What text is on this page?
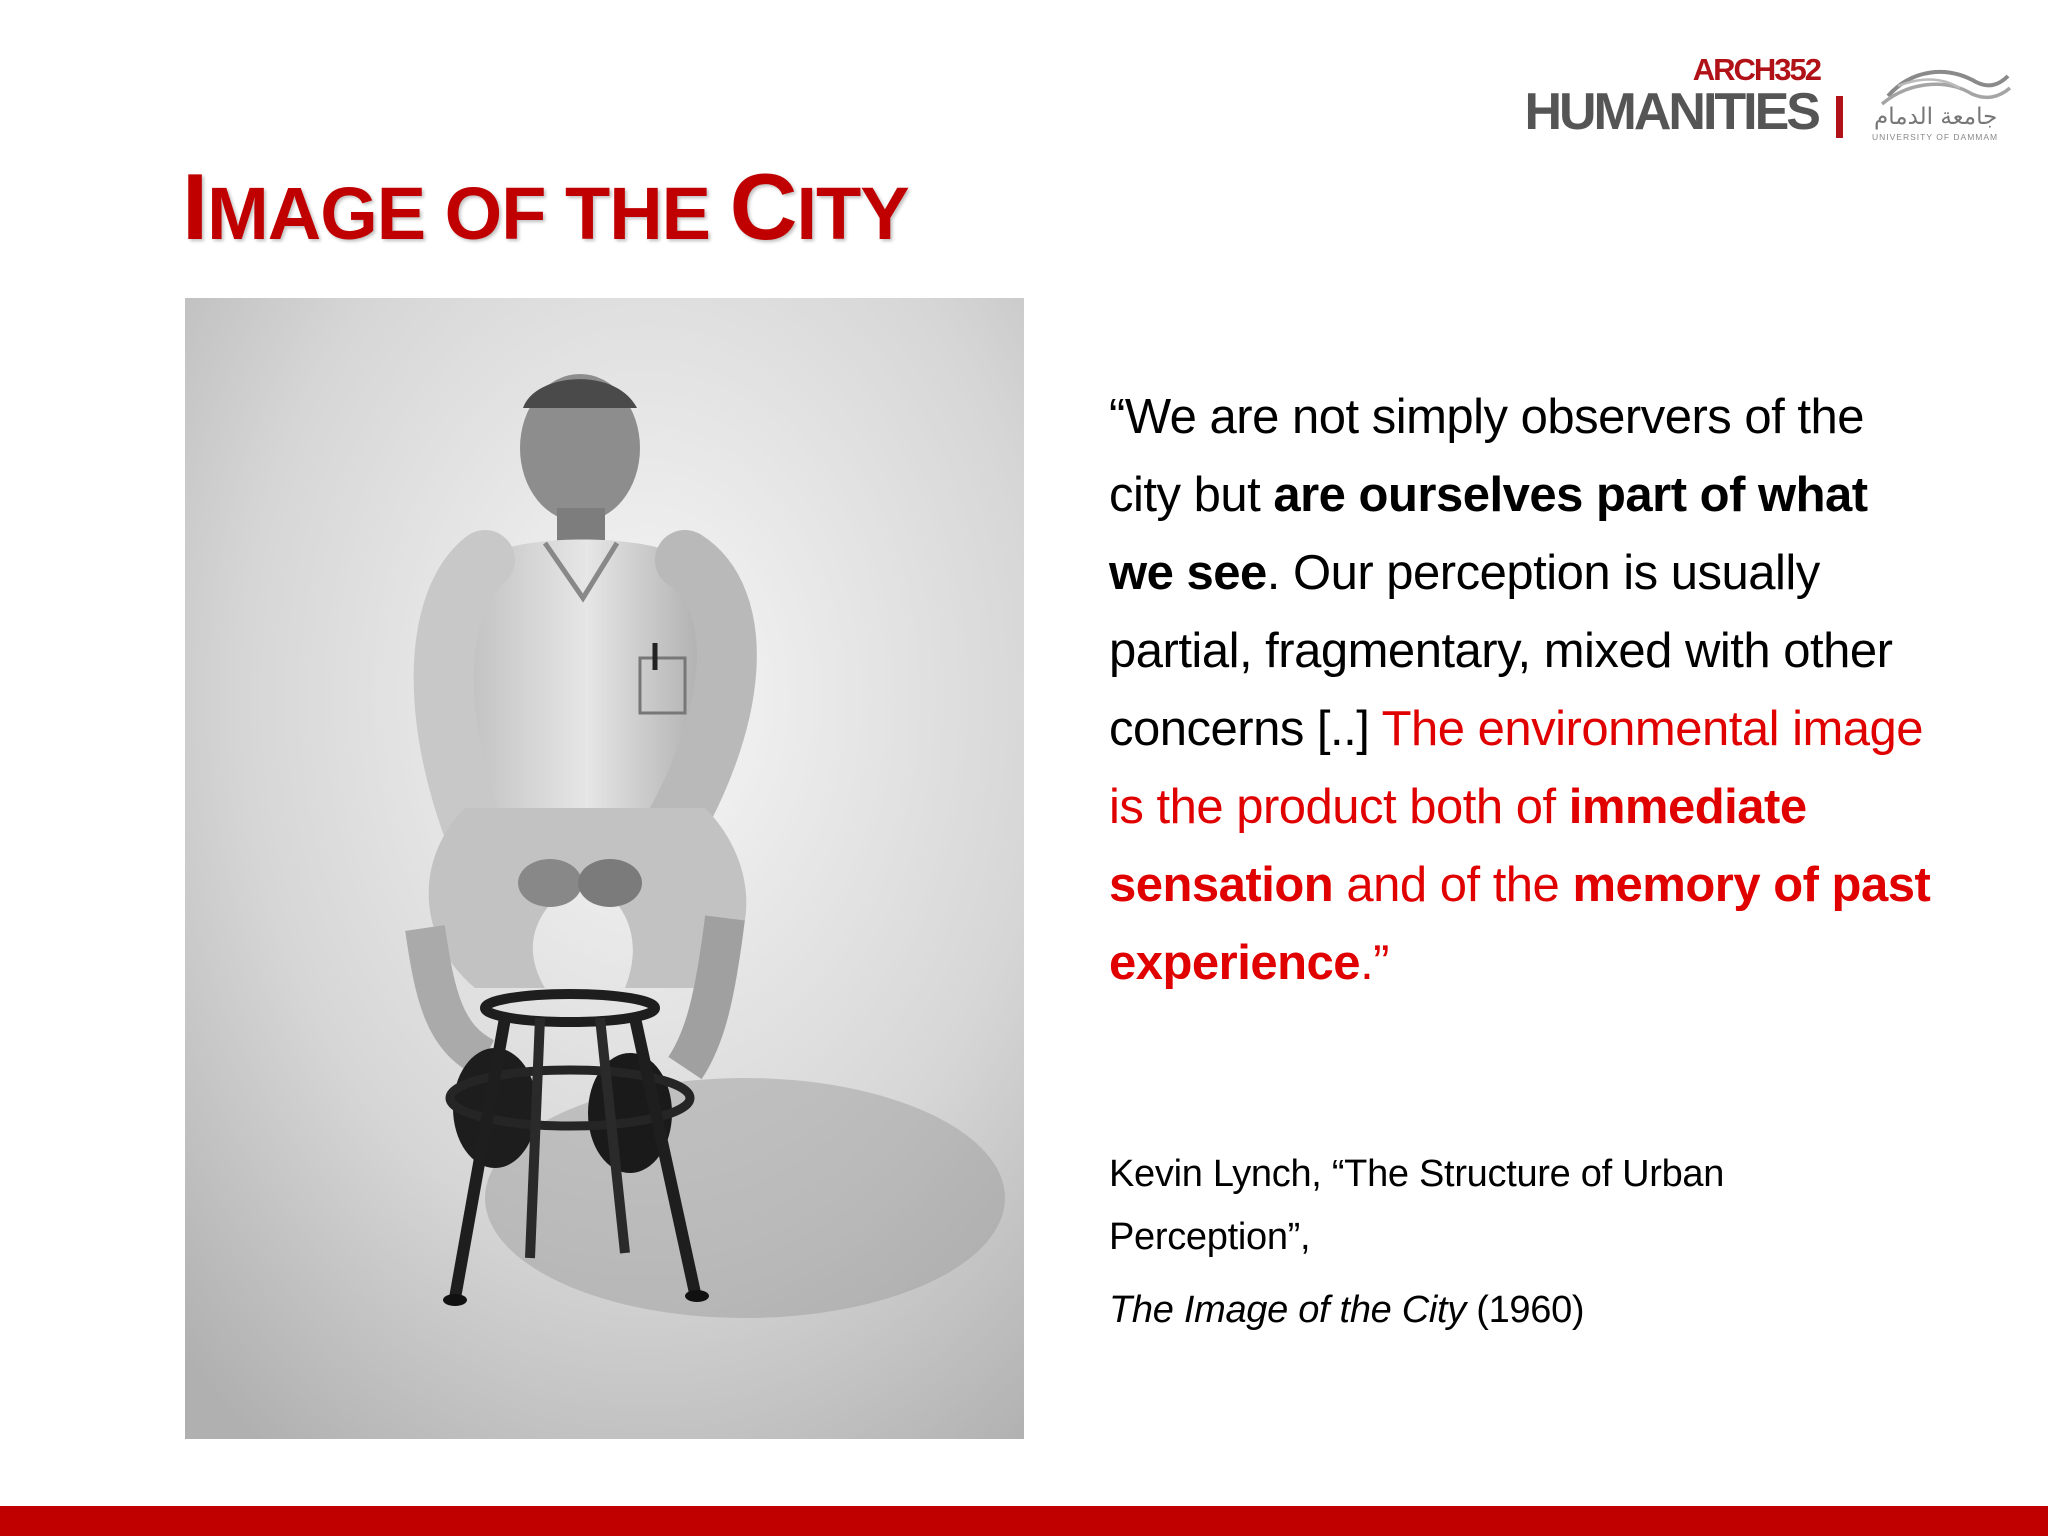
ARCH352
HUMANITIES جامعة الدمام
UNIVERSITY OF DAMMAM
IMAGE OF THE CITY
“We are not simply observers of the city but are ourselves part of what we see. Our perception is usually partial, fragmentary, mixed with other concerns [..] The environmental image is the product both of immediate sensation and of the memory of past experience.”
Kevin Lynch, “The Structure of Urban Perception”,
The Image of the City (1960)
